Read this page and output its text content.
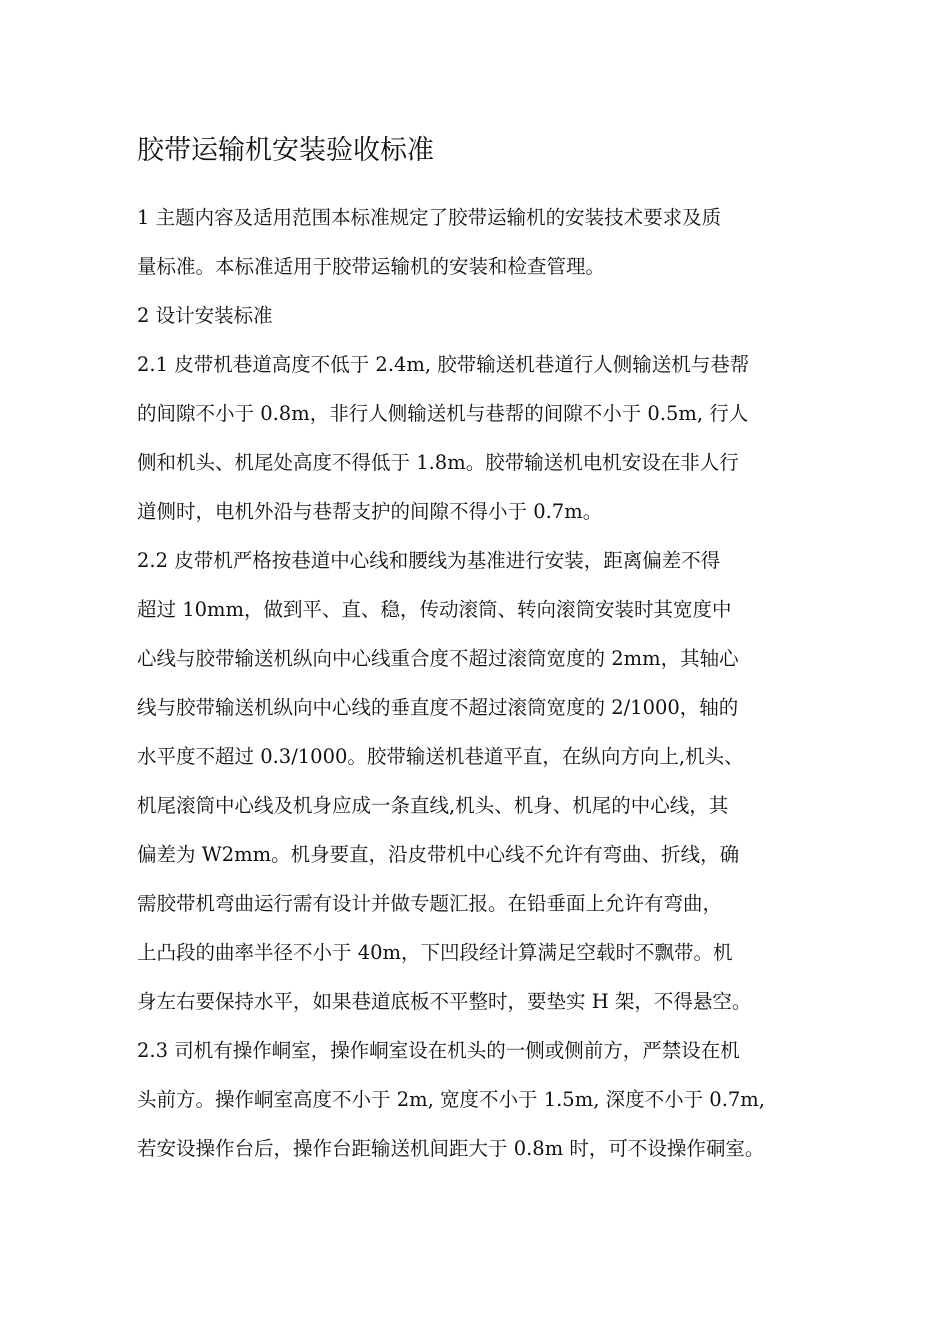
胶带运输机安装验收标准
1 主题内容及适用范围本标准规定了胶带运输机的安装技术要求及质
量标准。本标准适用于胶带运输机的安装和检查管理。
2 设计安装标准
2.1 皮带机巷道高度不低于 2.4m, 胶带输送机巷道行人侧输送机与巷帮
的间隙不小于 0.8m，非行人侧输送机与巷帮的间隙不小于 0.5m, 行人
侧和机头、机尾处高度不得低于 1.8m。胶带输送机电机安设在非人行
道侧时，电机外沿与巷帮支护的间隙不得小于 0.7m。
2.2 皮带机严格按巷道中心线和腰线为基准进行安装，距离偏差不得
超过 10mm，做到平、直、稳，传动滚筒、转向滚筒安装时其宽度中
心线与胶带输送机纵向中心线重合度不超过滚筒宽度的 2mm，其轴心
线与胶带输送机纵向中心线的垂直度不超过滚筒宽度的 2/1000，轴的
水平度不超过 0.3/1000。胶带输送机巷道平直，在纵向方向上,机头、
机尾滚筒中心线及机身应成一条直线,机头、机身、机尾的中心线，其
偏差为 W2mm。机身要直，沿皮带机中心线不允许有弯曲、折线，确
需胶带机弯曲运行需有设计并做专题汇报。在铅垂面上允许有弯曲，
上凸段的曲率半径不小于 40m，下凹段经计算满足空载时不飘带。机
身左右要保持水平，如果巷道底板不平整时，要垫实 H 架，不得悬空。
2.3 司机有操作峒室，操作峒室设在机头的一侧或侧前方，严禁设在机
头前方。操作峒室高度不小于 2m, 宽度不小于 1.5m, 深度不小于 0.7m,
若安设操作台后，操作台距输送机间距大于 0.8m 时，可不设操作硐室。
